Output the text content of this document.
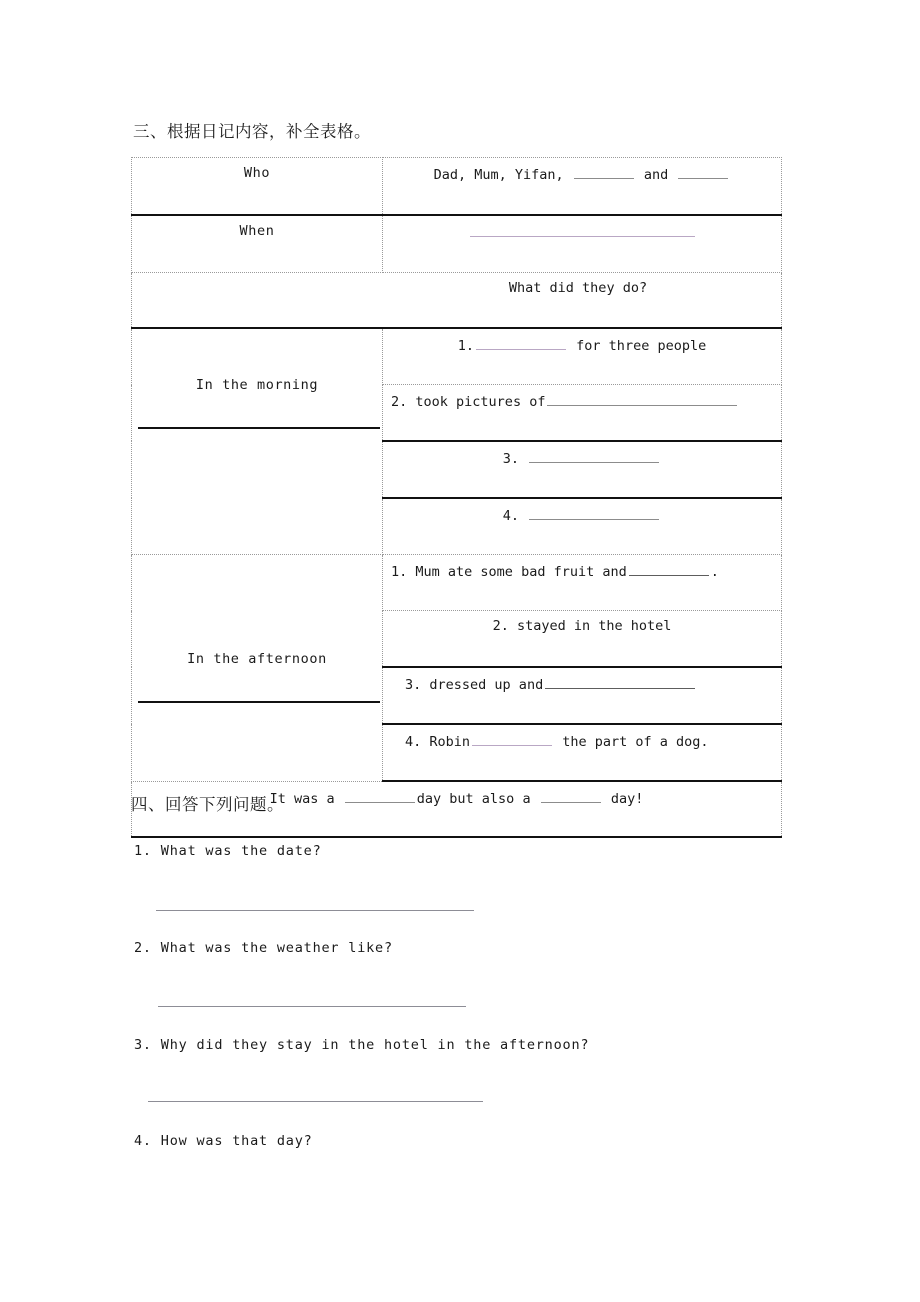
三、根据日记内容，补全表格。
Who	Dad, Mum, Yifan, and

When	

What did they do?	

In the morning	1. for three people

	2. took pictures of

	3.

	4.

In the afternoon	1. Mum ate some bad fruit and .

	2. stayed in the hotel

	3. dressed up and

	4. Robin the part of a dog.

It was a day but also a day!	
四、回答下列问题。
1. What was the date?
2. What was the weather like?
3. Why did they stay in the hotel in the afternoon?
4. How was that day?
